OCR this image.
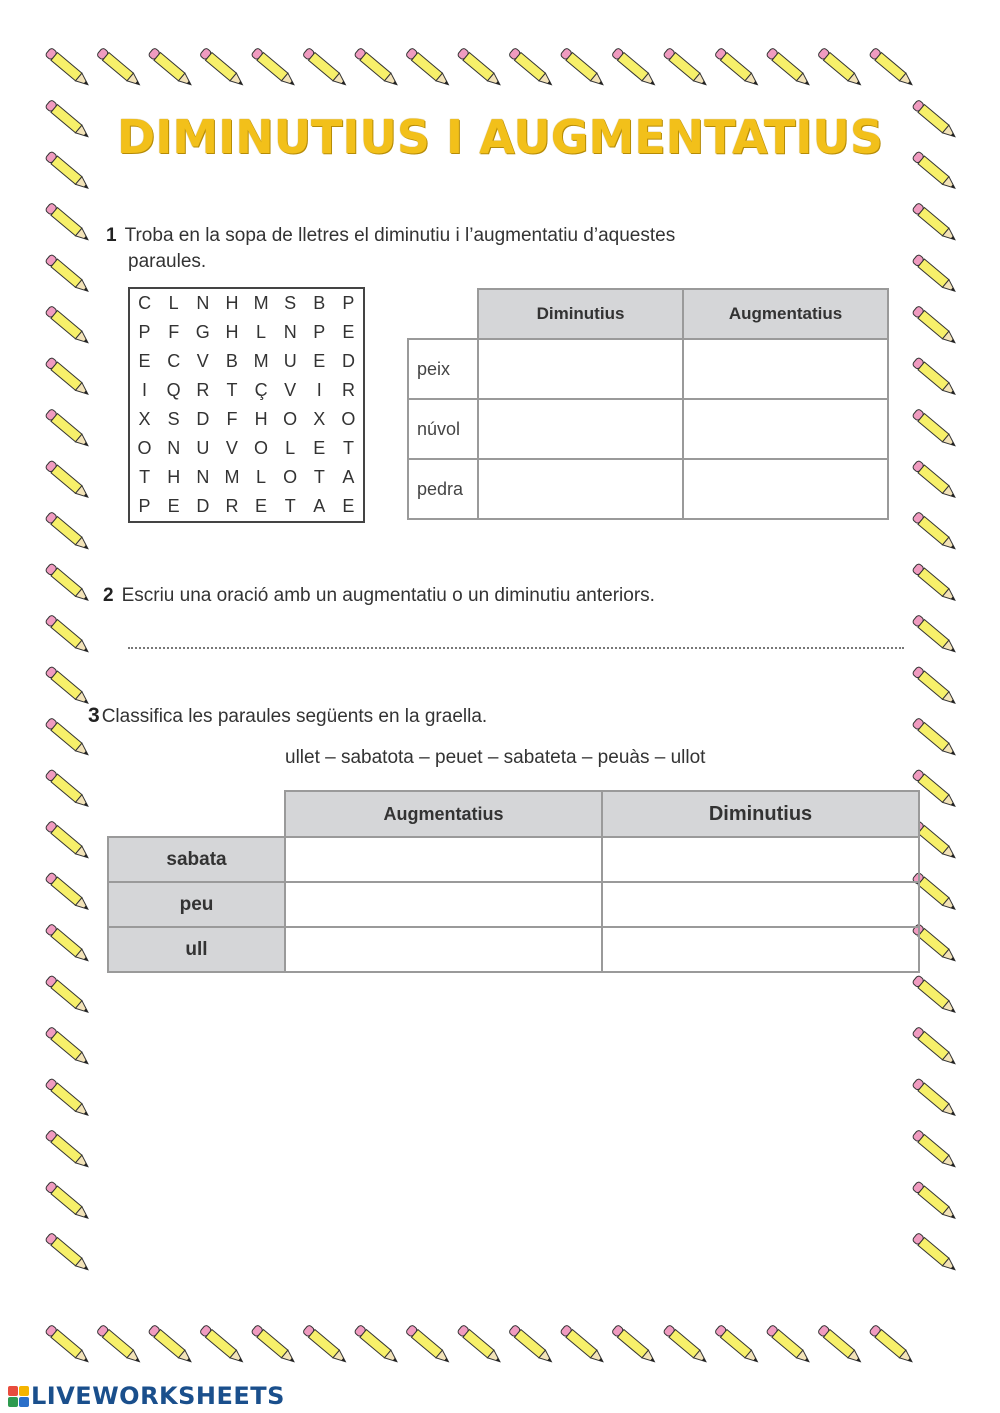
DIMINUTIUS I AUGMENTATIUS
1 Troba en la sopa de lletres el diminutiu i l’augmentatiu d’aquestes
paraules.
C L N H M S B P
P F G H L N P E
E C V B M U E D
I	Q R T Ç V	I	R
X S D F H O X O
O N U V O L	E T
T H N M L O T A
P E D R E T A E
	Diminutius	Augmentatius
peix		
núvol		
pedra		
2 Escriu una oració amb un augmentatiu o un diminutiu anteriors.
3 Classifica les paraules següents en la graella.
ullet – sabatota – peuet – sabateta – peuàs – ullot
	Augmentatius	Diminutius
sabata		
peu		
ull		
LIVEWORKSHEETS
